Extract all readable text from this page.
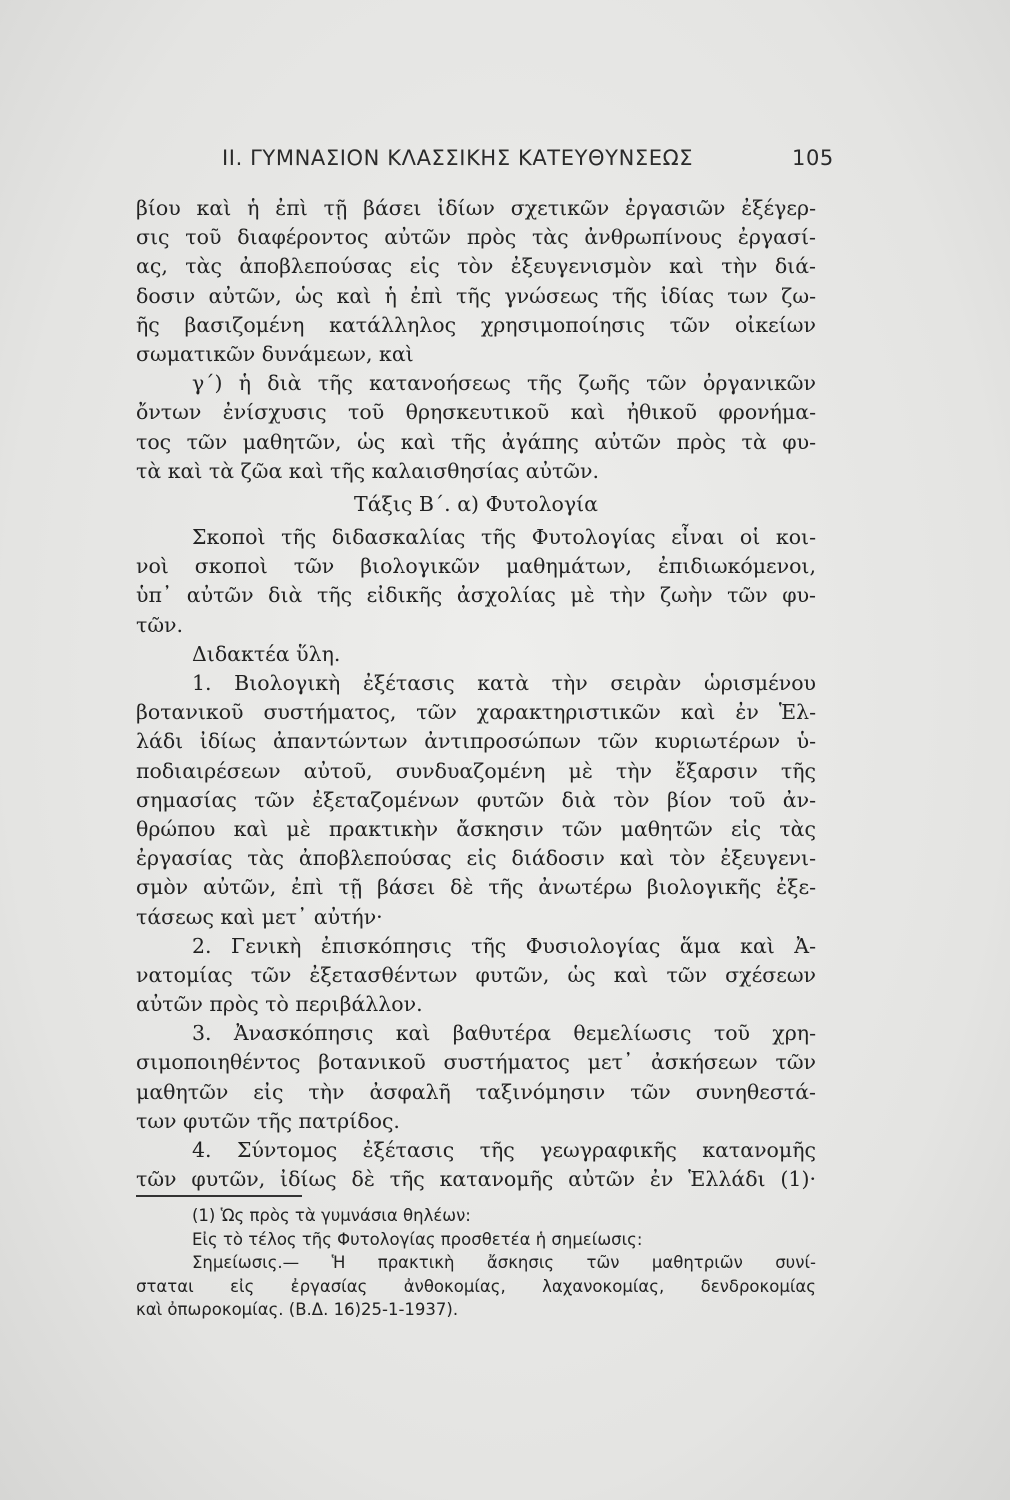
II. ΓΥΜΝΑΣΙΟΝ ΚΛΑΣΣΙΚΗΣ ΚΑΤΕΥΘΥΝΣΕΩΣ	105
βίου καὶ ἡ ἐπὶ τῇ βάσει ἰδίων σχετικῶν ἐργασιῶν ἐξέγερ-
σις τοῦ διαφέροντος αὐτῶν πρὸς τὰς ἀνθρωπίνους ἐργασί-
ας, τὰς ἀποβλεπούσας εἰς τὸν ἐξευγενισμὸν καὶ τὴν διά-
δοσιν αὐτῶν, ὡς καὶ ἡ ἐπὶ τῆς γνώσεως τῆς ἰδίας των ζω-
ῆς βασιζομένη κατάλληλος χρησιμοποίησις τῶν οἰκείων
σωματικῶν δυνάμεων, καὶ
γ΄) ἡ διὰ τῆς κατανοήσεως τῆς ζωῆς τῶν ὀργανικῶν
ὄντων ἐνίσχυσις τοῦ θρησκευτικοῦ καὶ ἠθικοῦ φρονήμα-
τος τῶν μαθητῶν, ὡς καὶ τῆς ἀγάπης αὐτῶν πρὸς τὰ φυ-
τὰ καὶ τὰ ζῶα καὶ τῆς καλαισθησίας αὐτῶν.
Τάξις Β΄. α) Φυτολογία
Σκοποὶ τῆς διδασκαλίας τῆς Φυτολογίας εἶναι οἱ κοι-
νοὶ σκοποὶ τῶν βιολογικῶν μαθημάτων, ἐπιδιωκόμενοι,
ὑπ᾽ αὐτῶν διὰ τῆς εἰδικῆς ἀσχολίας μὲ τὴν ζωὴν τῶν φυ-
τῶν.
Διδακτέα ὕλη.
1. Βιολογικὴ ἐξέτασις κατὰ τὴν σειρὰν ὡρισμένου
βοτανικοῦ συστήματος, τῶν χαρακτηριστικῶν καὶ ἐν Ἑλ-
λάδι ἰδίως ἀπαντώντων ἀντιπροσώπων τῶν κυριωτέρων ὑ-
ποδιαιρέσεων αὐτοῦ, συνδυαζομένη μὲ τὴν ἔξαρσιν τῆς
σημασίας τῶν ἐξεταζομένων φυτῶν διὰ τὸν βίον τοῦ ἀν-
θρώπου καὶ μὲ πρακτικὴν ἄσκησιν τῶν μαθητῶν εἰς τὰς
ἐργασίας τὰς ἀποβλεπούσας εἰς διάδοσιν καὶ τὸν ἐξευγενι-
σμὸν αὐτῶν, ἐπὶ τῇ βάσει δὲ τῆς ἀνωτέρω βιολογικῆς ἐξε-
τάσεως καὶ μετ᾽ αὐτήν·
2. Γενικὴ ἐπισκόπησις τῆς Φυσιολογίας ἅμα καὶ Ἀ-
νατομίας τῶν ἐξετασθέντων φυτῶν, ὡς καὶ τῶν σχέσεων
αὐτῶν πρὸς τὸ περιβάλλον.
3. Ἀνασκόπησις καὶ βαθυτέρα θεμελίωσις τοῦ χρη-
σιμοποιηθέντος βοτανικοῦ συστήματος μετ᾽ ἀσκήσεων τῶν
μαθητῶν εἰς τὴν ἀσφαλῆ ταξινόμησιν τῶν συνηθεστά-
των φυτῶν τῆς πατρίδος.
4. Σύντομος ἐξέτασις τῆς γεωγραφικῆς κατανομῆς
τῶν φυτῶν, ἰδίως δὲ τῆς κατανομῆς αὐτῶν ἐν Ἑλλάδι (1)·
(1) Ὡς πρὸς τὰ γυμνάσια θηλέων:
Εἰς τὸ τέλος τῆς Φυτολογίας προσθετέα ἡ σημείωσις:
Σημείωσις.— Ἡ πρακτικὴ ἄσκησις τῶν μαθητριῶν συνί-
σταται εἰς ἐργασίας ἀνθοκομίας, λαχανοκομίας, δενδροκομίας
καὶ ὀπωροκομίας. (Β.Δ. 16)25-1-1937).
